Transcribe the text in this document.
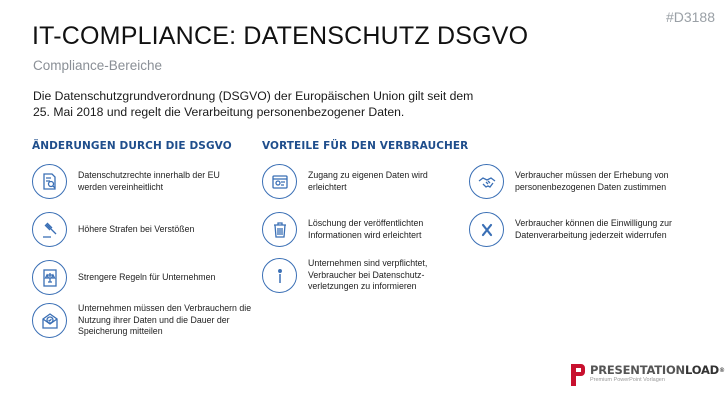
#D3188
IT-COMPLIANCE: DATENSCHUTZ DSGVO
Compliance-Bereiche
Die Datenschutzgrundverordnung (DSGVO) der Europäischen Union gilt seit dem 25. Mai 2018 und regelt die Verarbeitung personenbezogener Daten.
ÄNDERUNGEN DURCH DIE DSGVO
Datenschutzrechte innerhalb der EU werden vereinheitlicht
Höhere Strafen bei Verstößen
Strengere Regeln für Unternehmen
Unternehmen müssen den Verbrauchern die Nutzung ihrer Daten und die Dauer der Speicherung mitteilen
VORTEILE FÜR DEN VERBRAUCHER
Zugang zu eigenen Daten wird erleichtert
Löschung der veröffentlichten Informationen wird erleichtert
Unternehmen sind verpflichtet, Verbraucher bei Datenschutz-verletzungen zu informieren
Verbraucher müssen der Erhebung von personenbezogenen Daten zustimmen
Verbraucher können die Einwilligung zur Datenverarbeitung jederzeit widerrufen
PRESENTATIONLOAD®
Premium PowerPoint Vorlagen
